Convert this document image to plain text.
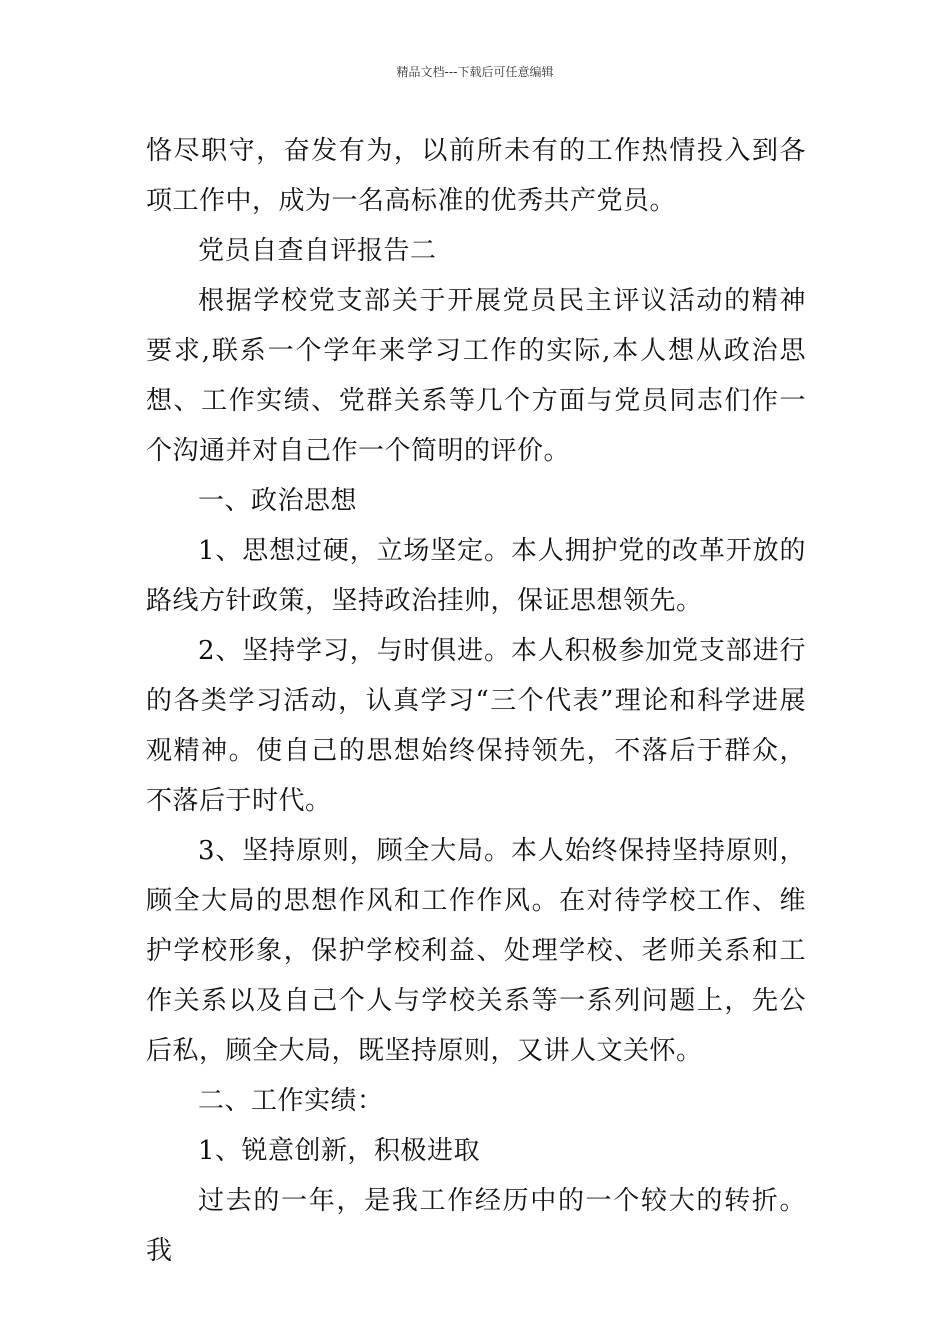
精品文档---下载后可任意编辑

恪尽职守，奋发有为，以前所未有的工作热情投入到各项工作中，成为一名高标准的优秀共产党员。

党员自查自评报告二

根据学校党支部关于开展党员民主评议活动的精神要求,联系一个学年来学习工作的实际,本人想从政治思想、工作实绩、党群关系等几个方面与党员同志们作一个沟通并对自己作一个简明的评价。

一、政治思想

1、思想过硬，立场坚定。本人拥护党的改革开放的路线方针政策，坚持政治挂帅，保证思想领先。

2、坚持学习，与时俱进。本人积极参加党支部进行的各类学习活动，认真学习“三个代表”理论和科学进展观精神。使自己的思想始终保持领先，不落后于群众，不落后于时代。

3、坚持原则，顾全大局。本人始终保持坚持原则，顾全大局的思想作风和工作作风。在对待学校工作、维护学校形象，保护学校利益、处理学校、老师关系和工作关系以及自己个人与学校关系等一系列问题上，先公后私，顾全大局，既坚持原则，又讲人文关怀。

二、工作实绩：

1、锐意创新，积极进取

过去的一年，是我工作经历中的一个较大的转折。我
